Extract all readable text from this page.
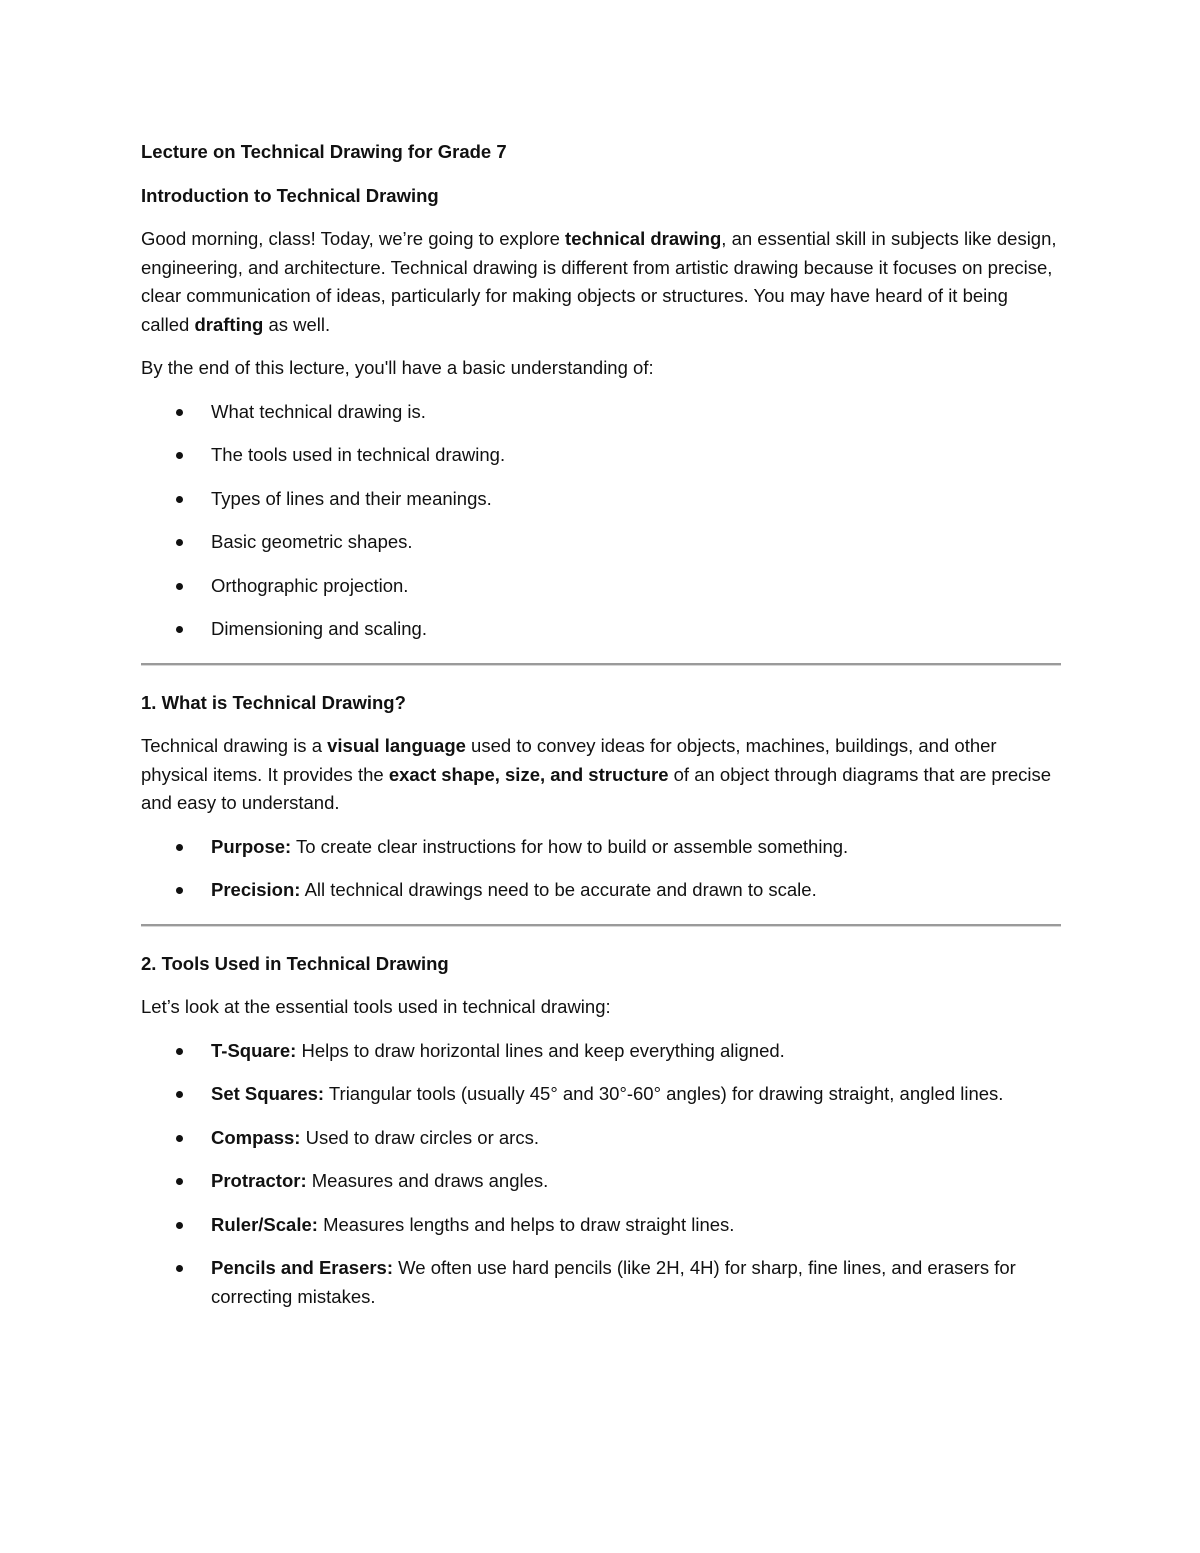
Lecture on Technical Drawing for Grade 7
Introduction to Technical Drawing

Good morning, class! Today, we’re going to explore technical drawing, an essential skill in subjects like design, engineering, and architecture. Technical drawing is different from artistic drawing because it focuses on precise, clear communication of ideas, particularly for making objects or structures. You may have heard of it being called drafting as well.

By the end of this lecture, you'll have a basic understanding of:

What technical drawing is.
The tools used in technical drawing.
Types of lines and their meanings.
Basic geometric shapes.
Orthographic projection.
Dimensioning and scaling.
1. What is Technical Drawing?

Technical drawing is a visual language used to convey ideas for objects, machines, buildings, and other physical items. It provides the exact shape, size, and structure of an object through diagrams that are precise and easy to understand.

Purpose: To create clear instructions for how to build or assemble something.
Precision: All technical drawings need to be accurate and drawn to scale.
2. Tools Used in Technical Drawing

Let’s look at the essential tools used in technical drawing:

T-Square: Helps to draw horizontal lines and keep everything aligned.
Set Squares: Triangular tools (usually 45° and 30°-60° angles) for drawing straight, angled lines.
Compass: Used to draw circles or arcs.
Protractor: Measures and draws angles.
Ruler/Scale: Measures lengths and helps to draw straight lines.
Pencils and Erasers: We often use hard pencils (like 2H, 4H) for sharp, fine lines, and erasers for correcting mistakes.
